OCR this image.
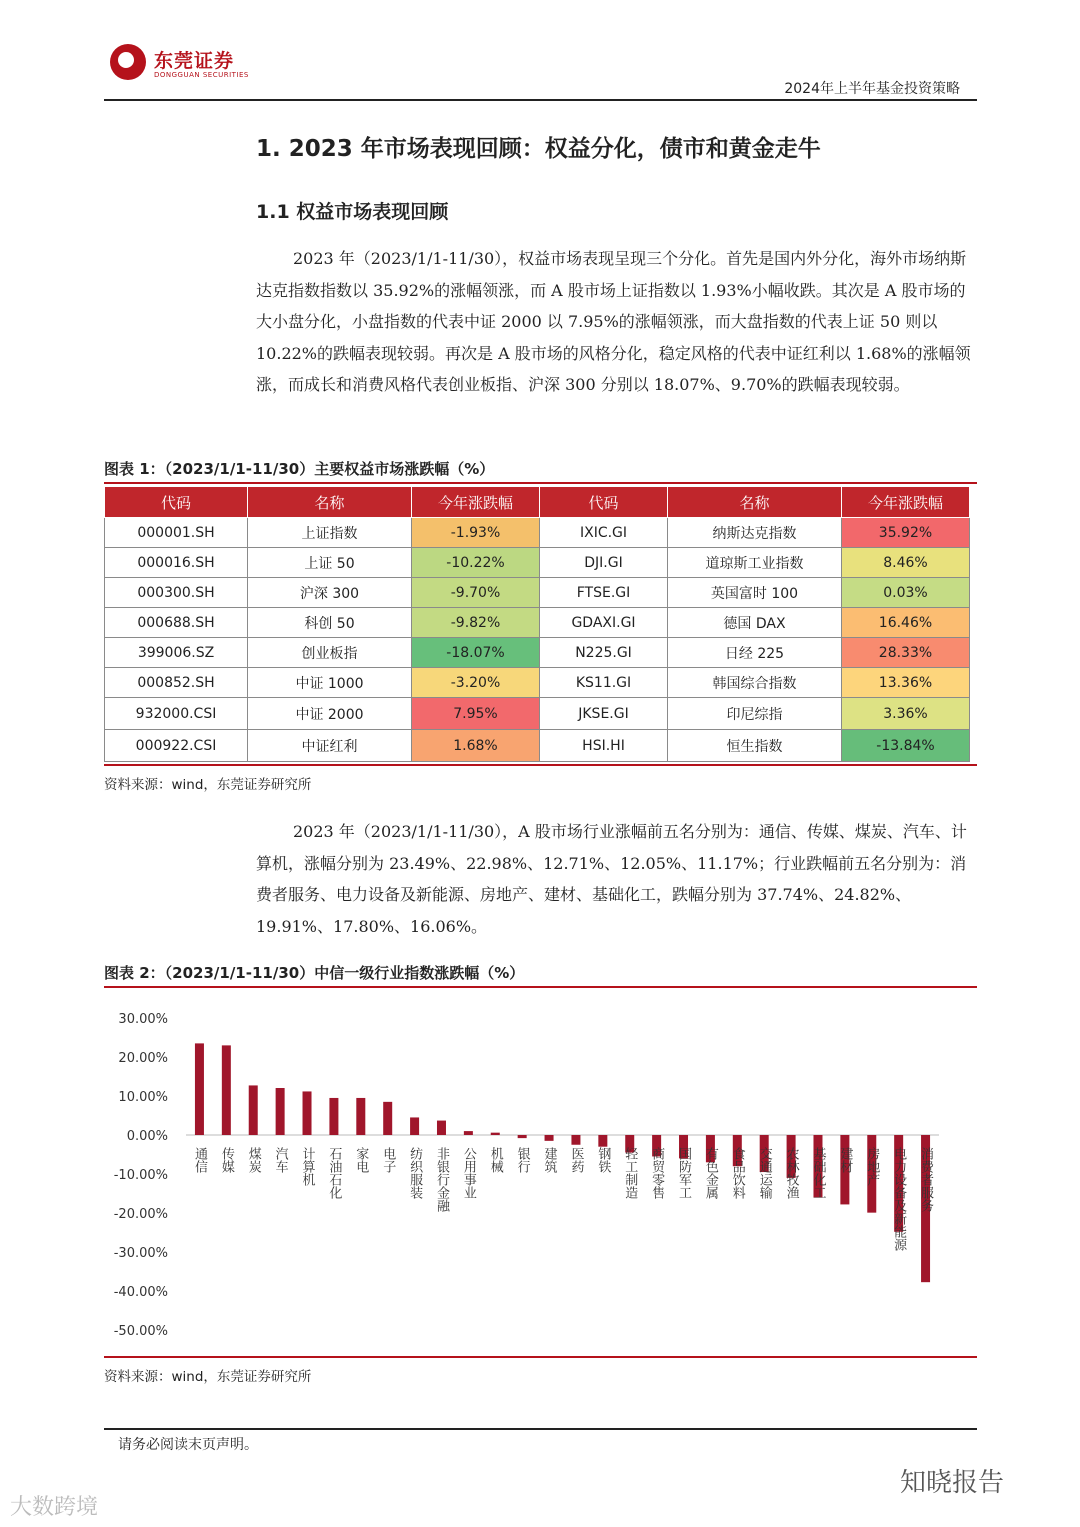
东莞证券
DONGGUAN SECURITIES
2024年上半年基金投资策略
1. 2023 年市场表现回顾：权益分化，债市和黄金走牛
1.1 权益市场表现回顾

2023 年（2023/1/1-11/30），权益市场表现呈现三个分化。首先是国内外分化，海外市场纳斯达克指数指数以 35.92%的涨幅领涨，而 A 股市场上证指数以 1.93%小幅收跌。其次是 A 股市场的大小盘分化，小盘指数的代表中证 2000 以 7.95%的涨幅领涨，而大盘指数的代表上证 50 则以 10.22%的跌幅表现较弱。再次是 A 股市场的风格分化，稳定风格的代表中证红利以 1.68%的涨幅领涨，而成长和消费风格代表创业板指、沪深 300 分别以 18.07%、9.70%的跌幅表现较弱。

图表 1：（2023/1/1-11/30）主要权益市场涨跌幅（%）
代码	名称	今年涨跌幅	代码	名称	今年涨跌幅
000001.SH	上证指数	-1.93%	IXIC.GI	纳斯达克指数	35.92%
000016.SH	上证 50	-10.22%	DJI.GI	道琼斯工业指数	8.46%
000300.SH	沪深 300	-9.70%	FTSE.GI	英国富时 100	0.03%
000688.SH	科创 50	-9.82%	GDAXI.GI	德国 DAX	16.46%
399006.SZ	创业板指	-18.07%	N225.GI	日经 225	28.33%
000852.SH	中证 1000	-3.20%	KS11.GI	韩国综合指数	13.36%
932000.CSI	中证 2000	7.95%	JKSE.GI	印尼综指	3.36%
000922.CSI	中证红利	1.68%	HSI.HI	恒生指数	-13.84%
资料来源：wind，东莞证券研究所

2023 年（2023/1/1-11/30），A 股市场行业涨幅前五名分别为：通信、传媒、煤炭、汽车、计算机，涨幅分别为 23.49%、22.98%、12.71%、12.05%、11.17%；行业跌幅前五名分别为：消费者服务、电力设备及新能源、房地产、建材、基础化工，跌幅分别为 37.74%、24.82%、19.91%、17.80%、16.06%。

图表 2：（2023/1/1-11/30）中信一级行业指数涨跌幅（%）
30.00%
20.00%
10.00%
0.00%
-10.00%
-20.00%
-30.00%
-40.00%
-50.00%
通信 传媒 煤炭 汽车 计算机 石油石化 家电 电子 纺织服装 非银行金融 公用事业 机械 银行 建筑 医药 钢铁 轻工制造 商贸零售 国防军工 有色金属 食品饮料 交通运输 农林牧渔 基础化工 建材 房地产 电力设备及新能源 消费者服务
资料来源：wind，东莞证券研究所
请务必阅读末页声明。
知晓报告
大数跨境
